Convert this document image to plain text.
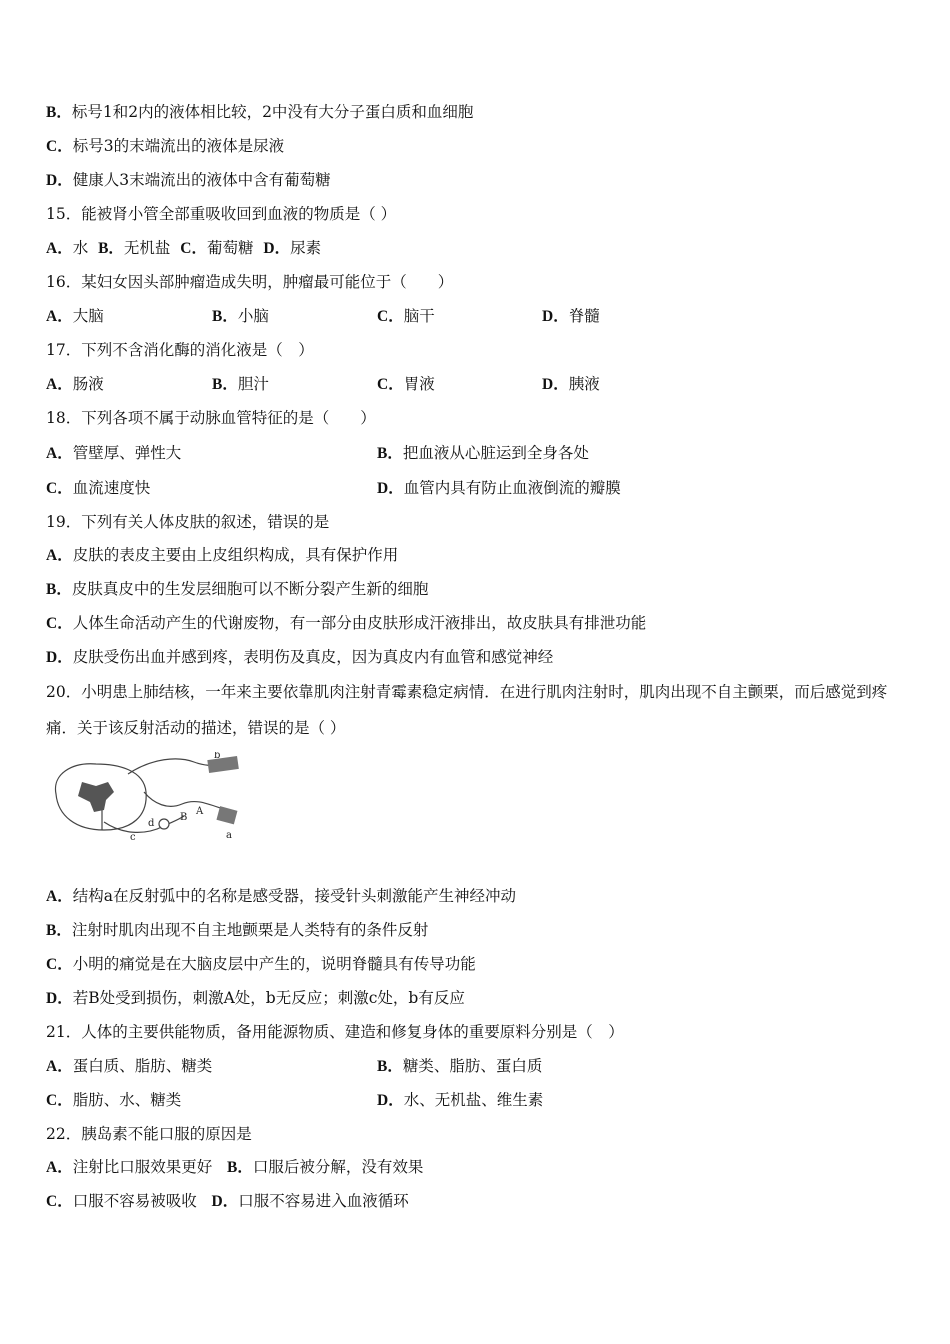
B．标号1和2内的液体相比较，2中没有大分子蛋白质和血细胞
C．标号3的末端流出的液体是尿液
D．健康人3末端流出的液体中含有葡萄糖
15．能被肾小管全部重吸收回到血液的物质是（ ）
A．水 B．无机盐 C．葡萄糖 D．尿素
16．某妇女因头部肿瘤造成失明，肿瘤最可能位于（　　）
A．大脑	B．小脑	C．脑干	D．脊髓
17．下列不含消化酶的消化液是（　）
A．肠液	B．胆汁	C．胃液	D．胰液
18．下列各项不属于动脉血管特征的是（　　）
A．管壁厚、弹性大	B．把血液从心脏运到全身各处
C．血流速度快	D．血管内具有防止血液倒流的瓣膜
19．下列有关人体皮肤的叙述，错误的是
A．皮肤的表皮主要由上皮组织构成，具有保护作用
B．皮肤真皮中的生发层细胞可以不断分裂产生新的细胞
C．人体生命活动产生的代谢废物，有一部分由皮肤形成汗液排出，故皮肤具有排泄功能
D．皮肤受伤出血并感到疼，表明伤及真皮，因为真皮内有血管和感觉神经
20．小明患上肺结核，一年来主要依靠肌肉注射青霉素稳定病情．在进行肌肉注射时，肌肉出现不自主颤栗，而后感觉到疼痛．关于该反射活动的描述，错误的是（ ）
b
B
A
d
c	a
A．结构a在反射弧中的名称是感受器，接受针头刺激能产生神经冲动
B．注射时肌肉出现不自主地颤栗是人类特有的条件反射
C．小明的痛觉是在大脑皮层中产生的，说明脊髓具有传导功能
D．若B处受到损伤，刺激A处，b无反应；刺激c处，b有反应
21．人体的主要供能物质，备用能源物质、建造和修复身体的重要原料分别是（　）
A．蛋白质、脂肪、糖类	B．糖类、脂肪、蛋白质
C．脂肪、水、糖类	D．水、无机盐、维生素
22．胰岛素不能口服的原因是
A．注射比口服效果更好 B．口服后被分解，没有效果
C．口服不容易被吸收 D．口服不容易进入血液循环
